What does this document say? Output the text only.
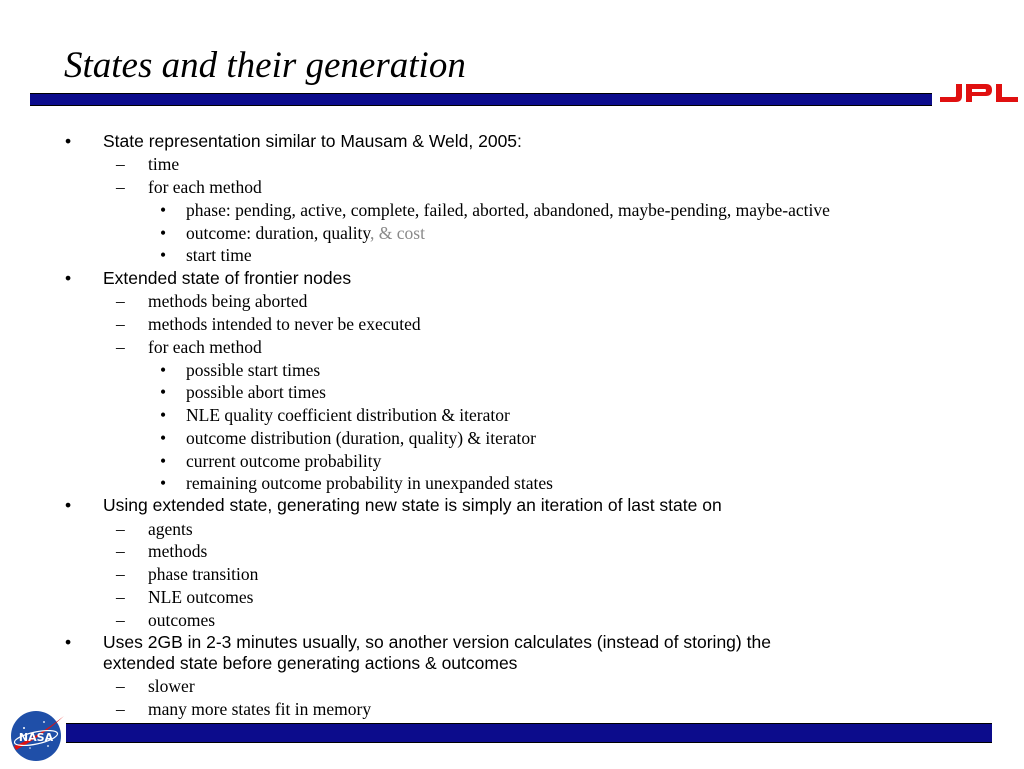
States and their generation
• State representation similar to Mausam & Weld, 2005:
– time
– for each method
• phase: pending, active, complete, failed, aborted, abandoned, maybe-pending, maybe-active
• outcome: duration, quality, & cost
• start time
• Extended state of frontier nodes
– methods being aborted
– methods intended to never be executed
– for each method
• possible start times
• possible abort times
• NLE quality coefficient distribution & iterator
• outcome distribution (duration, quality) & iterator
• current outcome probability
• remaining outcome probability in unexpanded states
• Using extended state, generating new state is simply an iteration of last state on
– agents
– methods
– phase transition
– NLE outcomes
– outcomes
• Uses 2GB in 2-3 minutes usually, so another version calculates (instead of storing) the
extended state before generating actions & outcomes
– slower
– many more states fit in memory
NASA
